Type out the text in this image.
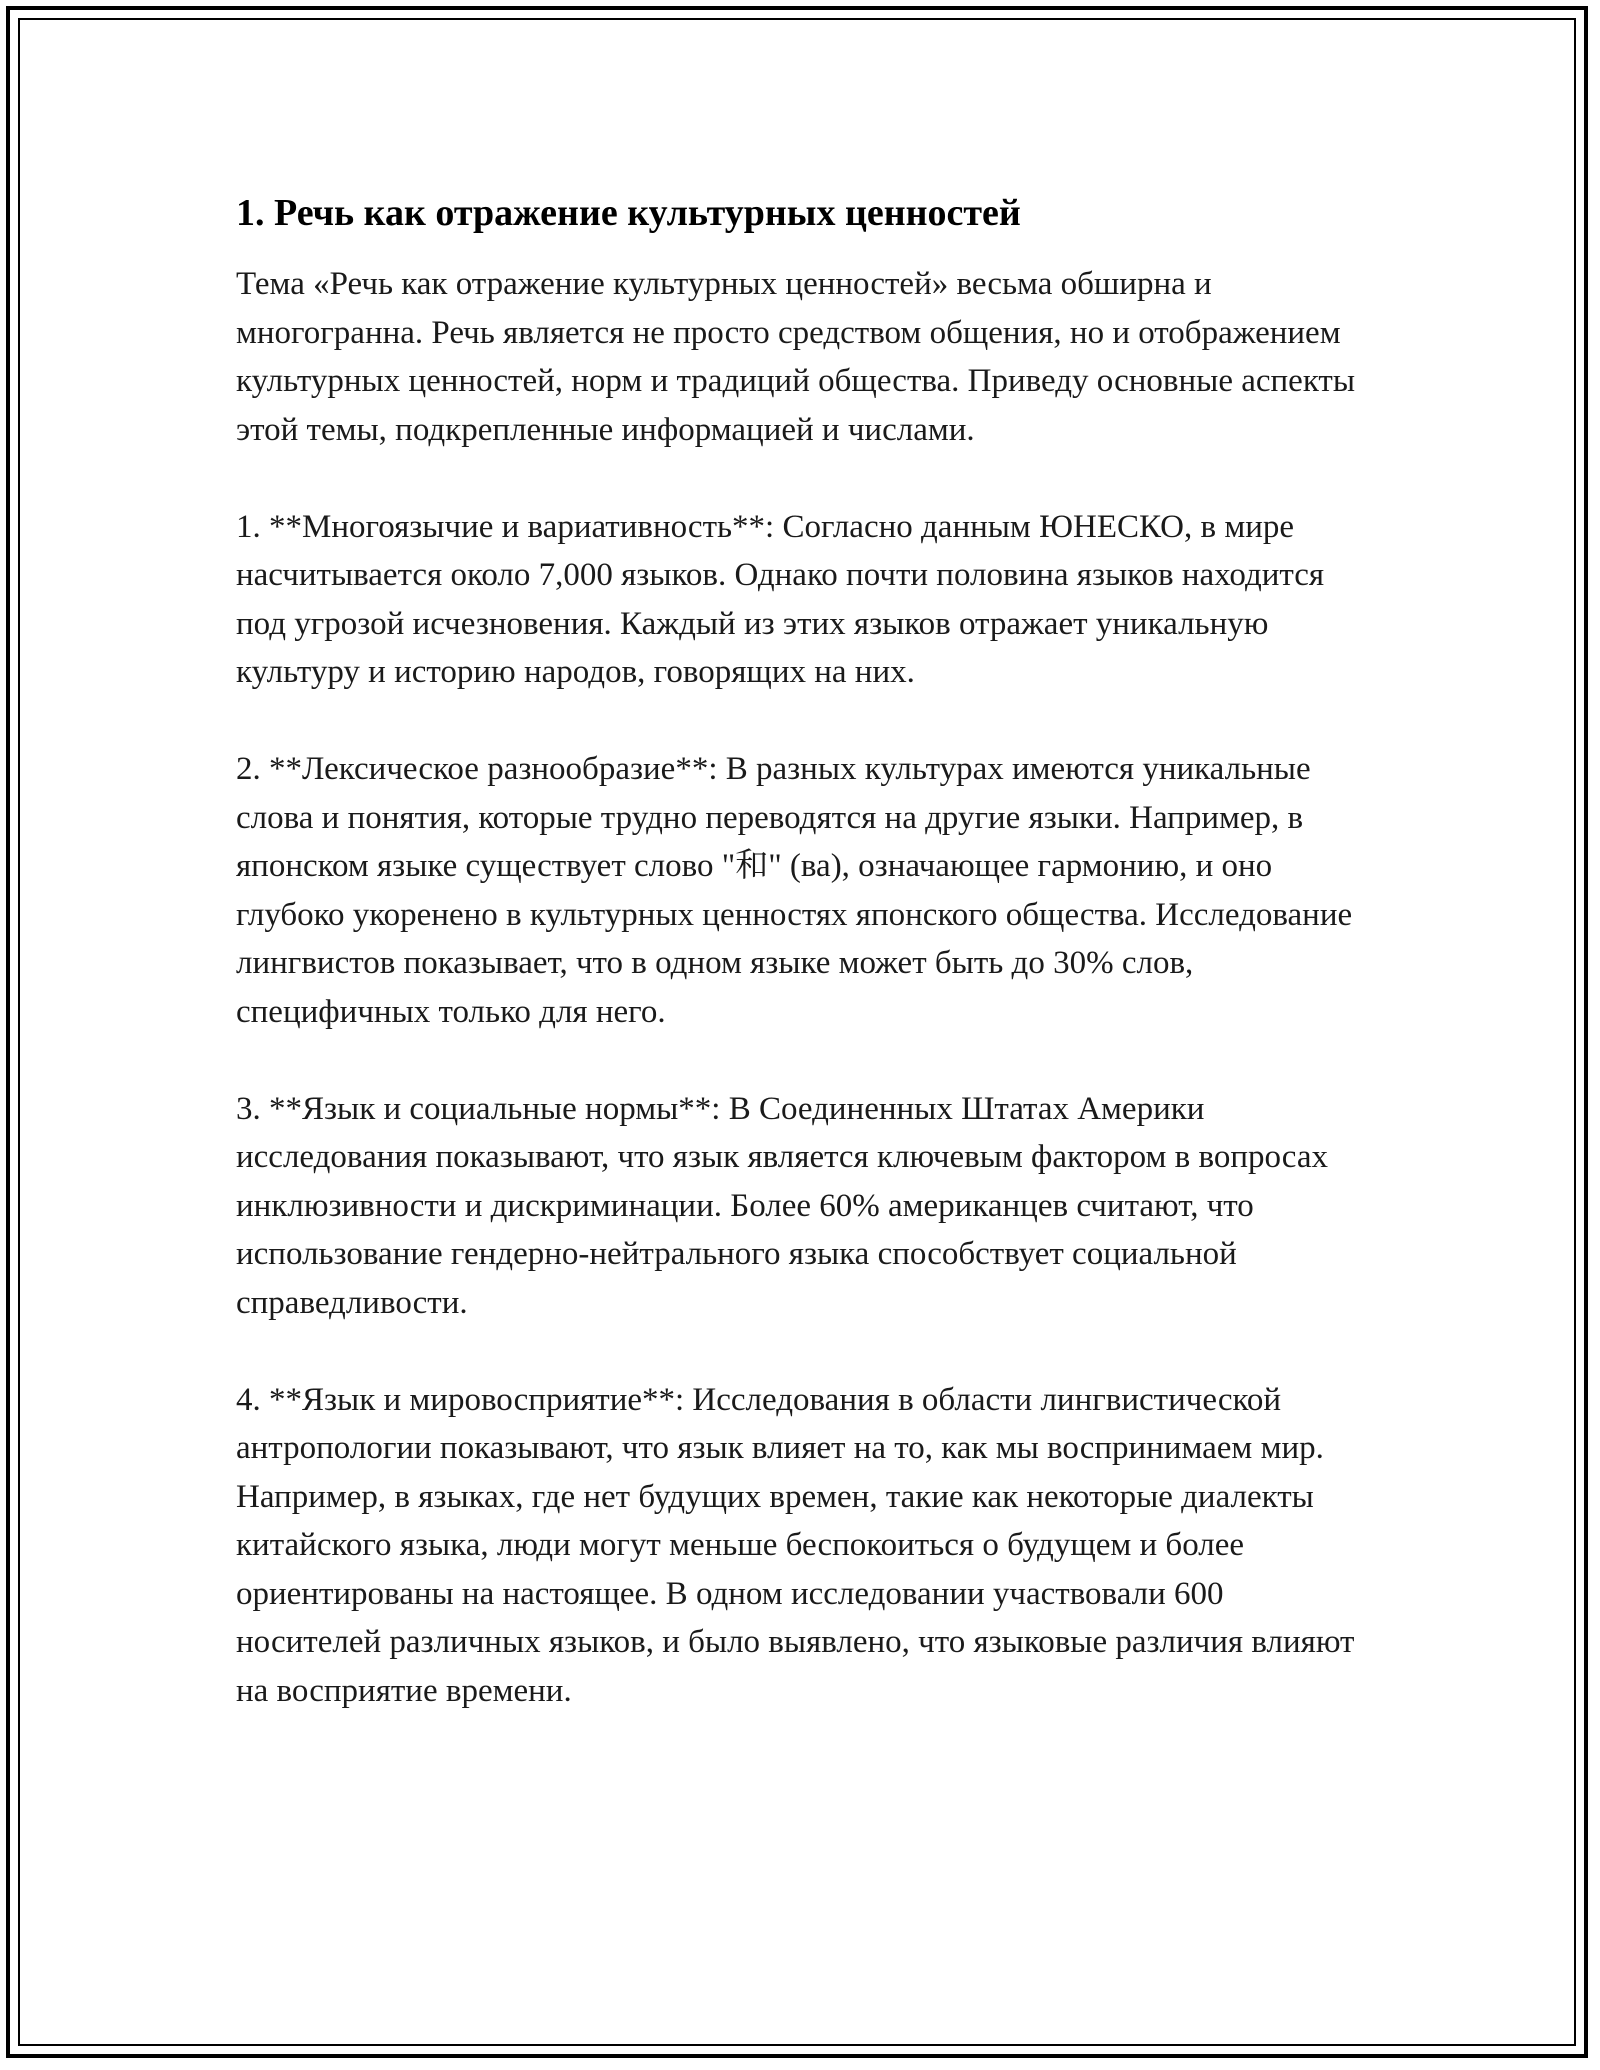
1. Речь как отражение культурных ценностей

Тема «Речь как отражение культурных ценностей» весьма обширна и многогранна. Речь является не просто средством общения, но и отображением культурных ценностей, норм и традиций общества. Приведу основные аспекты этой темы, подкрепленные информацией и числами.

1. **Многоязычие и вариативность**: Согласно данным ЮНЕСКО, в мире насчитывается около 7,000 языков. Однако почти половина языков находится под угрозой исчезновения. Каждый из этих языков отражает уникальную культуру и историю народов, говорящих на них.

2. **Лексическое разнообразие**: В разных культурах имеются уникальные слова и понятия, которые трудно переводятся на другие языки. Например, в японском языке существует слово "和" (ва), означающее гармонию, и оно глубоко укоренено в культурных ценностях японского общества. Исследование лингвистов показывает, что в одном языке может быть до 30% слов, специфичных только для него.

3. **Язык и социальные нормы**: В Соединенных Штатах Америки исследования показывают, что язык является ключевым фактором в вопросах инклюзивности и дискриминации. Более 60% американцев считают, что использование гендерно-нейтрального языка способствует социальной справедливости.

4. **Язык и мировосприятие**: Исследования в области лингвистической антропологии показывают, что язык влияет на то, как мы воспринимаем мир. Например, в языках, где нет будущих времен, такие как некоторые диалекты китайского языка, люди могут меньше беспокоиться о будущем и более ориентированы на настоящее. В одном исследовании участвовали 600 носителей различных языков, и было выявлено, что языковые различия влияют на восприятие времени.
